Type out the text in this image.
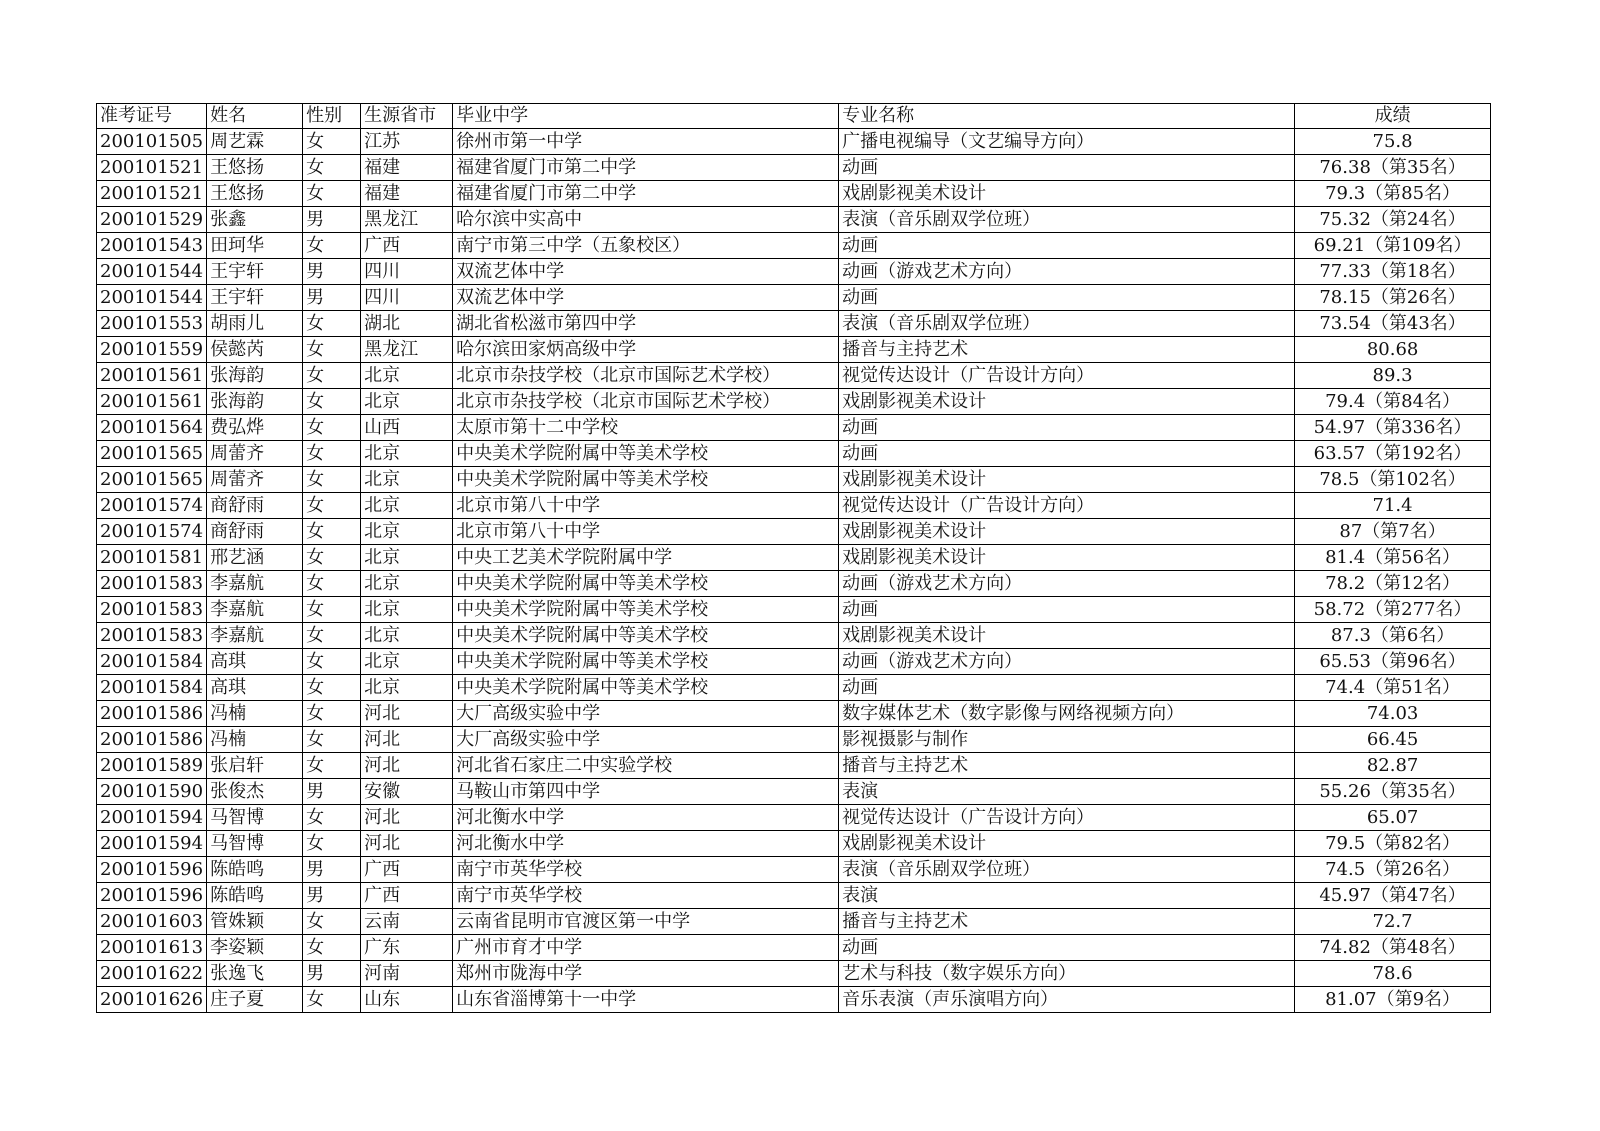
准考证号	姓名	性别	生源省市	毕业中学	专业名称	成绩
200101505	周艺霖	女	江苏	徐州市第一中学	广播电视编导（文艺编导方向）	75.8
200101521	王悠扬	女	福建	福建省厦门市第二中学	动画	76.38（第35名）
200101521	王悠扬	女	福建	福建省厦门市第二中学	戏剧影视美术设计	79.3（第85名）
200101529	张鑫	男	黑龙江	哈尔滨中实高中	表演（音乐剧双学位班）	75.32（第24名）
200101543	田珂华	女	广西	南宁市第三中学（五象校区）	动画	69.21（第109名）
200101544	王宇轩	男	四川	双流艺体中学	动画（游戏艺术方向）	77.33（第18名）
200101544	王宇轩	男	四川	双流艺体中学	动画	78.15（第26名）
200101553	胡雨儿	女	湖北	湖北省松滋市第四中学	表演（音乐剧双学位班）	73.54（第43名）
200101559	侯懿芮	女	黑龙江	哈尔滨田家炳高级中学	播音与主持艺术	80.68
200101561	张海韵	女	北京	北京市杂技学校（北京市国际艺术学校）	视觉传达设计（广告设计方向）	89.3
200101561	张海韵	女	北京	北京市杂技学校（北京市国际艺术学校）	戏剧影视美术设计	79.4（第84名）
200101564	费弘烨	女	山西	太原市第十二中学校	动画	54.97（第336名）
200101565	周蕾齐	女	北京	中央美术学院附属中等美术学校	动画	63.57（第192名）
200101565	周蕾齐	女	北京	中央美术学院附属中等美术学校	戏剧影视美术设计	78.5（第102名）
200101574	商舒雨	女	北京	北京市第八十中学	视觉传达设计（广告设计方向）	71.4
200101574	商舒雨	女	北京	北京市第八十中学	戏剧影视美术设计	87（第7名）
200101581	邢艺涵	女	北京	中央工艺美术学院附属中学	戏剧影视美术设计	81.4（第56名）
200101583	李嘉航	女	北京	中央美术学院附属中等美术学校	动画（游戏艺术方向）	78.2（第12名）
200101583	李嘉航	女	北京	中央美术学院附属中等美术学校	动画	58.72（第277名）
200101583	李嘉航	女	北京	中央美术学院附属中等美术学校	戏剧影视美术设计	87.3（第6名）
200101584	高琪	女	北京	中央美术学院附属中等美术学校	动画（游戏艺术方向）	65.53（第96名）
200101584	高琪	女	北京	中央美术学院附属中等美术学校	动画	74.4（第51名）
200101586	冯楠	女	河北	大厂高级实验中学	数字媒体艺术（数字影像与网络视频方向）	74.03
200101586	冯楠	女	河北	大厂高级实验中学	影视摄影与制作	66.45
200101589	张启轩	女	河北	河北省石家庄二中实验学校	播音与主持艺术	82.87
200101590	张俊杰	男	安徽	马鞍山市第四中学	表演	55.26（第35名）
200101594	马智博	女	河北	河北衡水中学	视觉传达设计（广告设计方向）	65.07
200101594	马智博	女	河北	河北衡水中学	戏剧影视美术设计	79.5（第82名）
200101596	陈皓鸣	男	广西	南宁市英华学校	表演（音乐剧双学位班）	74.5（第26名）
200101596	陈皓鸣	男	广西	南宁市英华学校	表演	45.97（第47名）
200101603	管姝颖	女	云南	云南省昆明市官渡区第一中学	播音与主持艺术	72.7
200101613	李姿颖	女	广东	广州市育才中学	动画	74.82（第48名）
200101622	张逸飞	男	河南	郑州市陇海中学	艺术与科技（数字娱乐方向）	78.6
200101626	庄子夏	女	山东	山东省淄博第十一中学	音乐表演（声乐演唱方向）	81.07（第9名）
